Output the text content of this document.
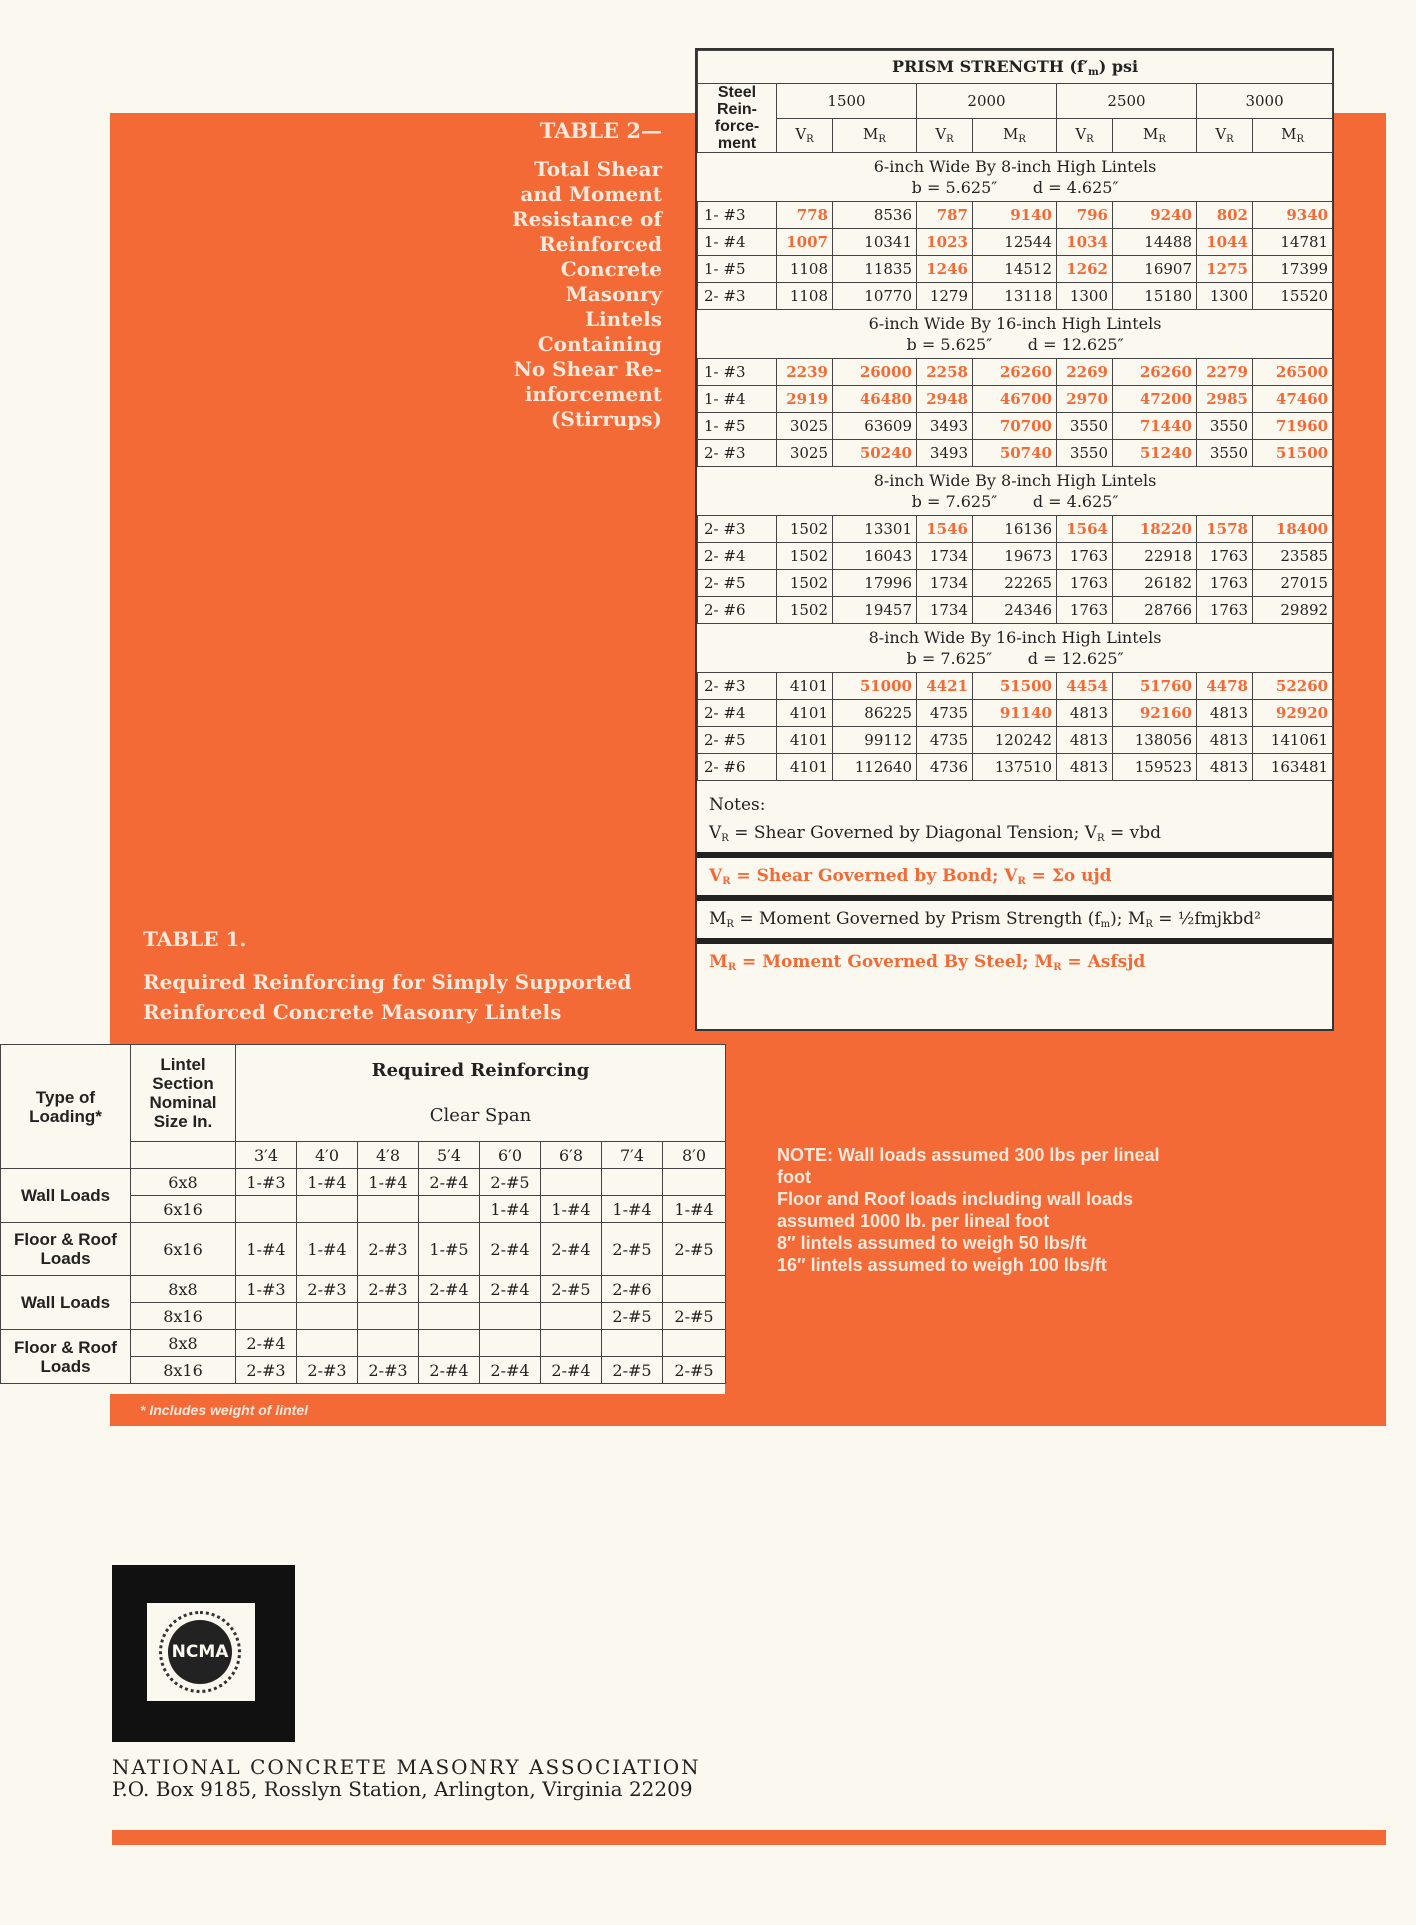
TABLE 2—
Total Shear
and Moment
Resistance of
Reinforced
Concrete
Masonry
Lintels
Containing
No Shear Re-
inforcement
(Stirrups)
PRISM STRENGTH (f′m) psi								

Steel
Rein-
force-
ment	1500		2000		2500		3000	
	$V_R$	$M_R$	$V_R$	$M_R$	$V_R$	$M_R$	$V_R$	$M_R$

6-inch Wide By 8-inch High Lintels
b = 5.625″ d = 4.625″								

1- #3	778	8536	787	9140	796	9240	802	9340
1- #4	1007	10341	1023	12544	1034	14488	1044	14781
1- #5	1108	11835	1246	14512	1262	16907	1275	17399
2- #3	1108	10770	1279	13118	1300	15180	1300	15520

6-inch Wide By 16-inch High Lintels
b = 5.625″ d = 12.625″								

1- #3	2239	26000	2258	26260	2269	26260	2279	26500
1- #4	2919	46480	2948	46700	2970	47200	2985	47460
1- #5	3025	63609	3493	70700	3550	71440	3550	71960
2- #3	3025	50240	3493	50740	3550	51240	3550	51500

8-inch Wide By 8-inch High Lintels
b = 7.625″ d = 4.625″								

2- #3	1502	13301	1546	16136	1564	18220	1578	18400
2- #4	1502	16043	1734	19673	1763	22918	1763	23585
2- #5	1502	17996	1734	22265	1763	26182	1763	27015
2- #6	1502	19457	1734	24346	1763	28766	1763	29892

8-inch Wide By 16-inch High Lintels
b = 7.625″ d = 12.625″								

2- #3	4101	51000	4421	51500	4454	51760	4478	52260
2- #4	4101	86225	4735	91140	4813	92160	4813	92920
2- #5	4101	99112	4735	120242	4813	138056	4813	141061
2- #6	4101	112640	4736	137510	4813	159523	4813	163481
Notes:
VR = Shear Governed by Diagonal Tension; VR = vbd
VR = Shear Governed by Bond; VR = Σo ujd
MR = Moment Governed by Prism Strength (fm); MR = ½fmjkbd²
MR = Moment Governed By Steel; MR = Asfsjd
TABLE 1.
Required Reinforcing for Simply Supported Reinforced Concrete Masonry Lintels
Type of Loading*	Lintel Section Nominal Size In.	Required Reinforcing
Clear Span							

		3′4	4′0	4′8	5′4	6′0	6′8	7′4	8′0
Wall Loads	6x8	1-#3	1-#4	1-#4	2-#4	2-#5			
	6x16					1-#4	1-#4	1-#4	1-#4
Floor & Roof Loads	6x16	1-#4	1-#4	2-#3	1-#5	2-#4	2-#4	2-#5	2-#5
Wall Loads	8x8	1-#3	2-#3	2-#3	2-#4	2-#4	2-#5	2-#6	
	8x16							2-#5	2-#5
Floor & Roof Loads	8x8	2-#4							
	8x16	2-#3	2-#3	2-#3	2-#4	2-#4	2-#4	2-#5	2-#5
* Includes weight of lintel
NOTE: Wall loads assumed 300 lbs per lineal foot
Floor and Roof loads including wall loads assumed 1000 lb. per lineal foot
8″ lintels assumed to weigh 50 lbs/ft
16″ lintels assumed to weigh 100 lbs/ft
NCMA
NATIONAL CONCRETE MASONRY ASSOCIATION
P.O. Box 9185, Rosslyn Station, Arlington, Virginia 22209
